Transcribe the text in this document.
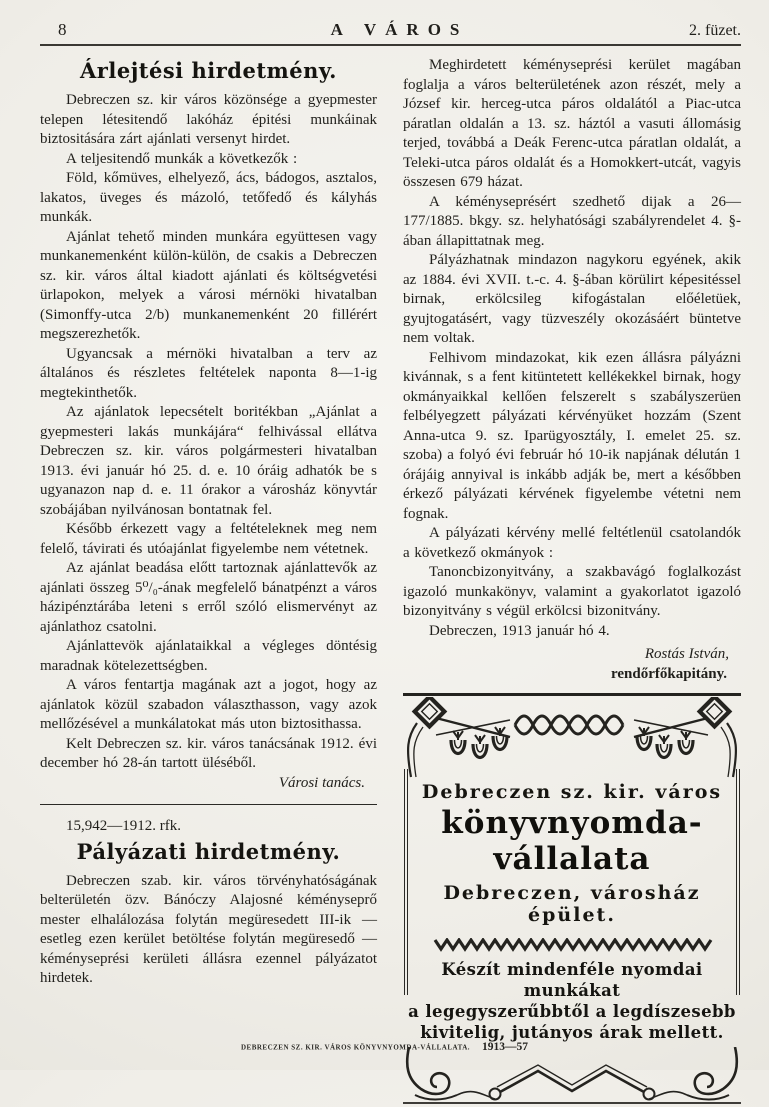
8	A VÁROS	2. füzet.
Árlejtési hirdetmény.

Debreczen sz. kir város közönsége a gyepmester telepen létesitendő lakóház épitési munkáinak biztositására zárt ajánlati versenyt hirdet.

A teljesitendő munkák a következők :

Föld, kőmüves, elhelyező, ács, bádogos, asztalos, lakatos, üveges és mázoló, tetőfedő és kályhás munkák.

Ajánlat tehető minden munkára együttesen vagy munkanemenként külön-külön, de csakis a Debreczen sz. kir. város által kiadott ajánlati és költségvetési ürlapokon, melyek a városi mérnöki hivatalban (Simonffy-utca 2/b) munkanemenként 20 fillérért megszerezhetők.

Ugyancsak a mérnöki hivatalban a terv az általános és részletes feltételek naponta 8—1-ig megtekinthetők.

Az ajánlatok lepecsételt boritékban „Ajánlat a gyepmesteri lakás munkájára“ felhivással ellátva Debreczen sz. kir. város polgármesteri hivatalban 1913. évi január hó 25. d. e. 10 óráig adhatók be s ugyanazon nap d. e. 11 órakor a városház könyvtár szobájában nyilvánosan bontatnak fel.

Később érkezett vagy a feltételeknek meg nem felelő, távirati és utóajánlat figyelembe nem vétetnek.

Az ajánlat beadása előtt tartoznak ajánlattevők az ajánlati összeg 5⁰/₀-ának megfelelő bánatpénzt a város házipénztárába leteni s erről szóló elismervényt az ajánlathoz csatolni.

Ajánlattevök ajánlataikkal a végleges döntésig maradnak kötelezettségben.

A város fentartja magának azt a jogot, hogy az ajánlatok közül szabadon választhasson, vagy azok mellőzésével a munkálatokat más uton biztosithassa.

Kelt Debreczen sz. kir. város tanácsának 1912. évi december hó 28-án tartott üléséből.

Városi tanács.

15,942—1912. rfk.

Pályázati hirdetmény.

Debreczen szab. kir. város törvényhatóságának belterületén özv. Bánóczy Alajosné kéményseprő mester elhalálozása folytán megüresedett III-ik — esetleg ezen kerület betöltése folytán megüresedő — kéményseprési kerületi állásra ezennel pályázatot hirdetek.

Meghirdetett kéményseprési kerület magában foglalja a város belterületének azon részét, mely a József kir. herceg-utca páros oldalától a Piac-utca páratlan oldalán a 13. sz. háztól a vasuti állomásig terjed, továbbá a Deák Ferenc-utca páratlan oldalát, a Teleki-utca páros oldalát és a Homokkert-utcát, vagyis összesen 679 házat.

A kéményseprésért szedhető dijak a 26—177/1885. bkgy. sz. helyhatósági szabályrendelet 4. §-ában állapittatnak meg.

Pályázhatnak mindazon nagykoru egyének, akik az 1884. évi XVII. t.-c. 4. §-ában körülirt képesitéssel birnak, erkölcsileg kifogástalan előéletüek, gyujtogatásért, vagy tüzveszély okozásáért büntetve nem voltak.

Felhivom mindazokat, kik ezen állásra pályázni kivánnak, s a fent kitüntetett kellékekkel birnak, hogy okmányaikkal kellően felszerelt s szabályszerüen felbélyegzett pályázati kérvényüket hozzám (Szent Anna-utca 9. sz. Iparügyosztály, I. emelet 25. sz. szoba) a folyó évi február hó 10-ik napjának délután 1 órájáig annyival is inkább adják be, mert a későbben érkező pályázati kérvének figyelembe vétetni nem fognak.

A pályázati kérvény mellé feltétlenül csatolandók a következő okmányok :

Tanoncbizonyitvány, a szakbavágó foglalkozást igazoló munkakönyv, valamint a gyakorlatot igazoló bizonyitvány s végül erkölcsi bizonitvány.

Debreczen, 1913 január hó 4.

Rostás István,

rendőrfőkapitány.

Debreczen sz. kir. város
könyvnyomda-vállalata
Debreczen, városház épület.
Készít mindenféle nyomdai munkákat
a legegyszerűbbtől a legdíszesebb
kivitelig, jutányos árak mellett.
DEBRECZEN SZ. KIR. VÁROS KÖNYVNYOMDA-VÁLLALATA. 1913—57
